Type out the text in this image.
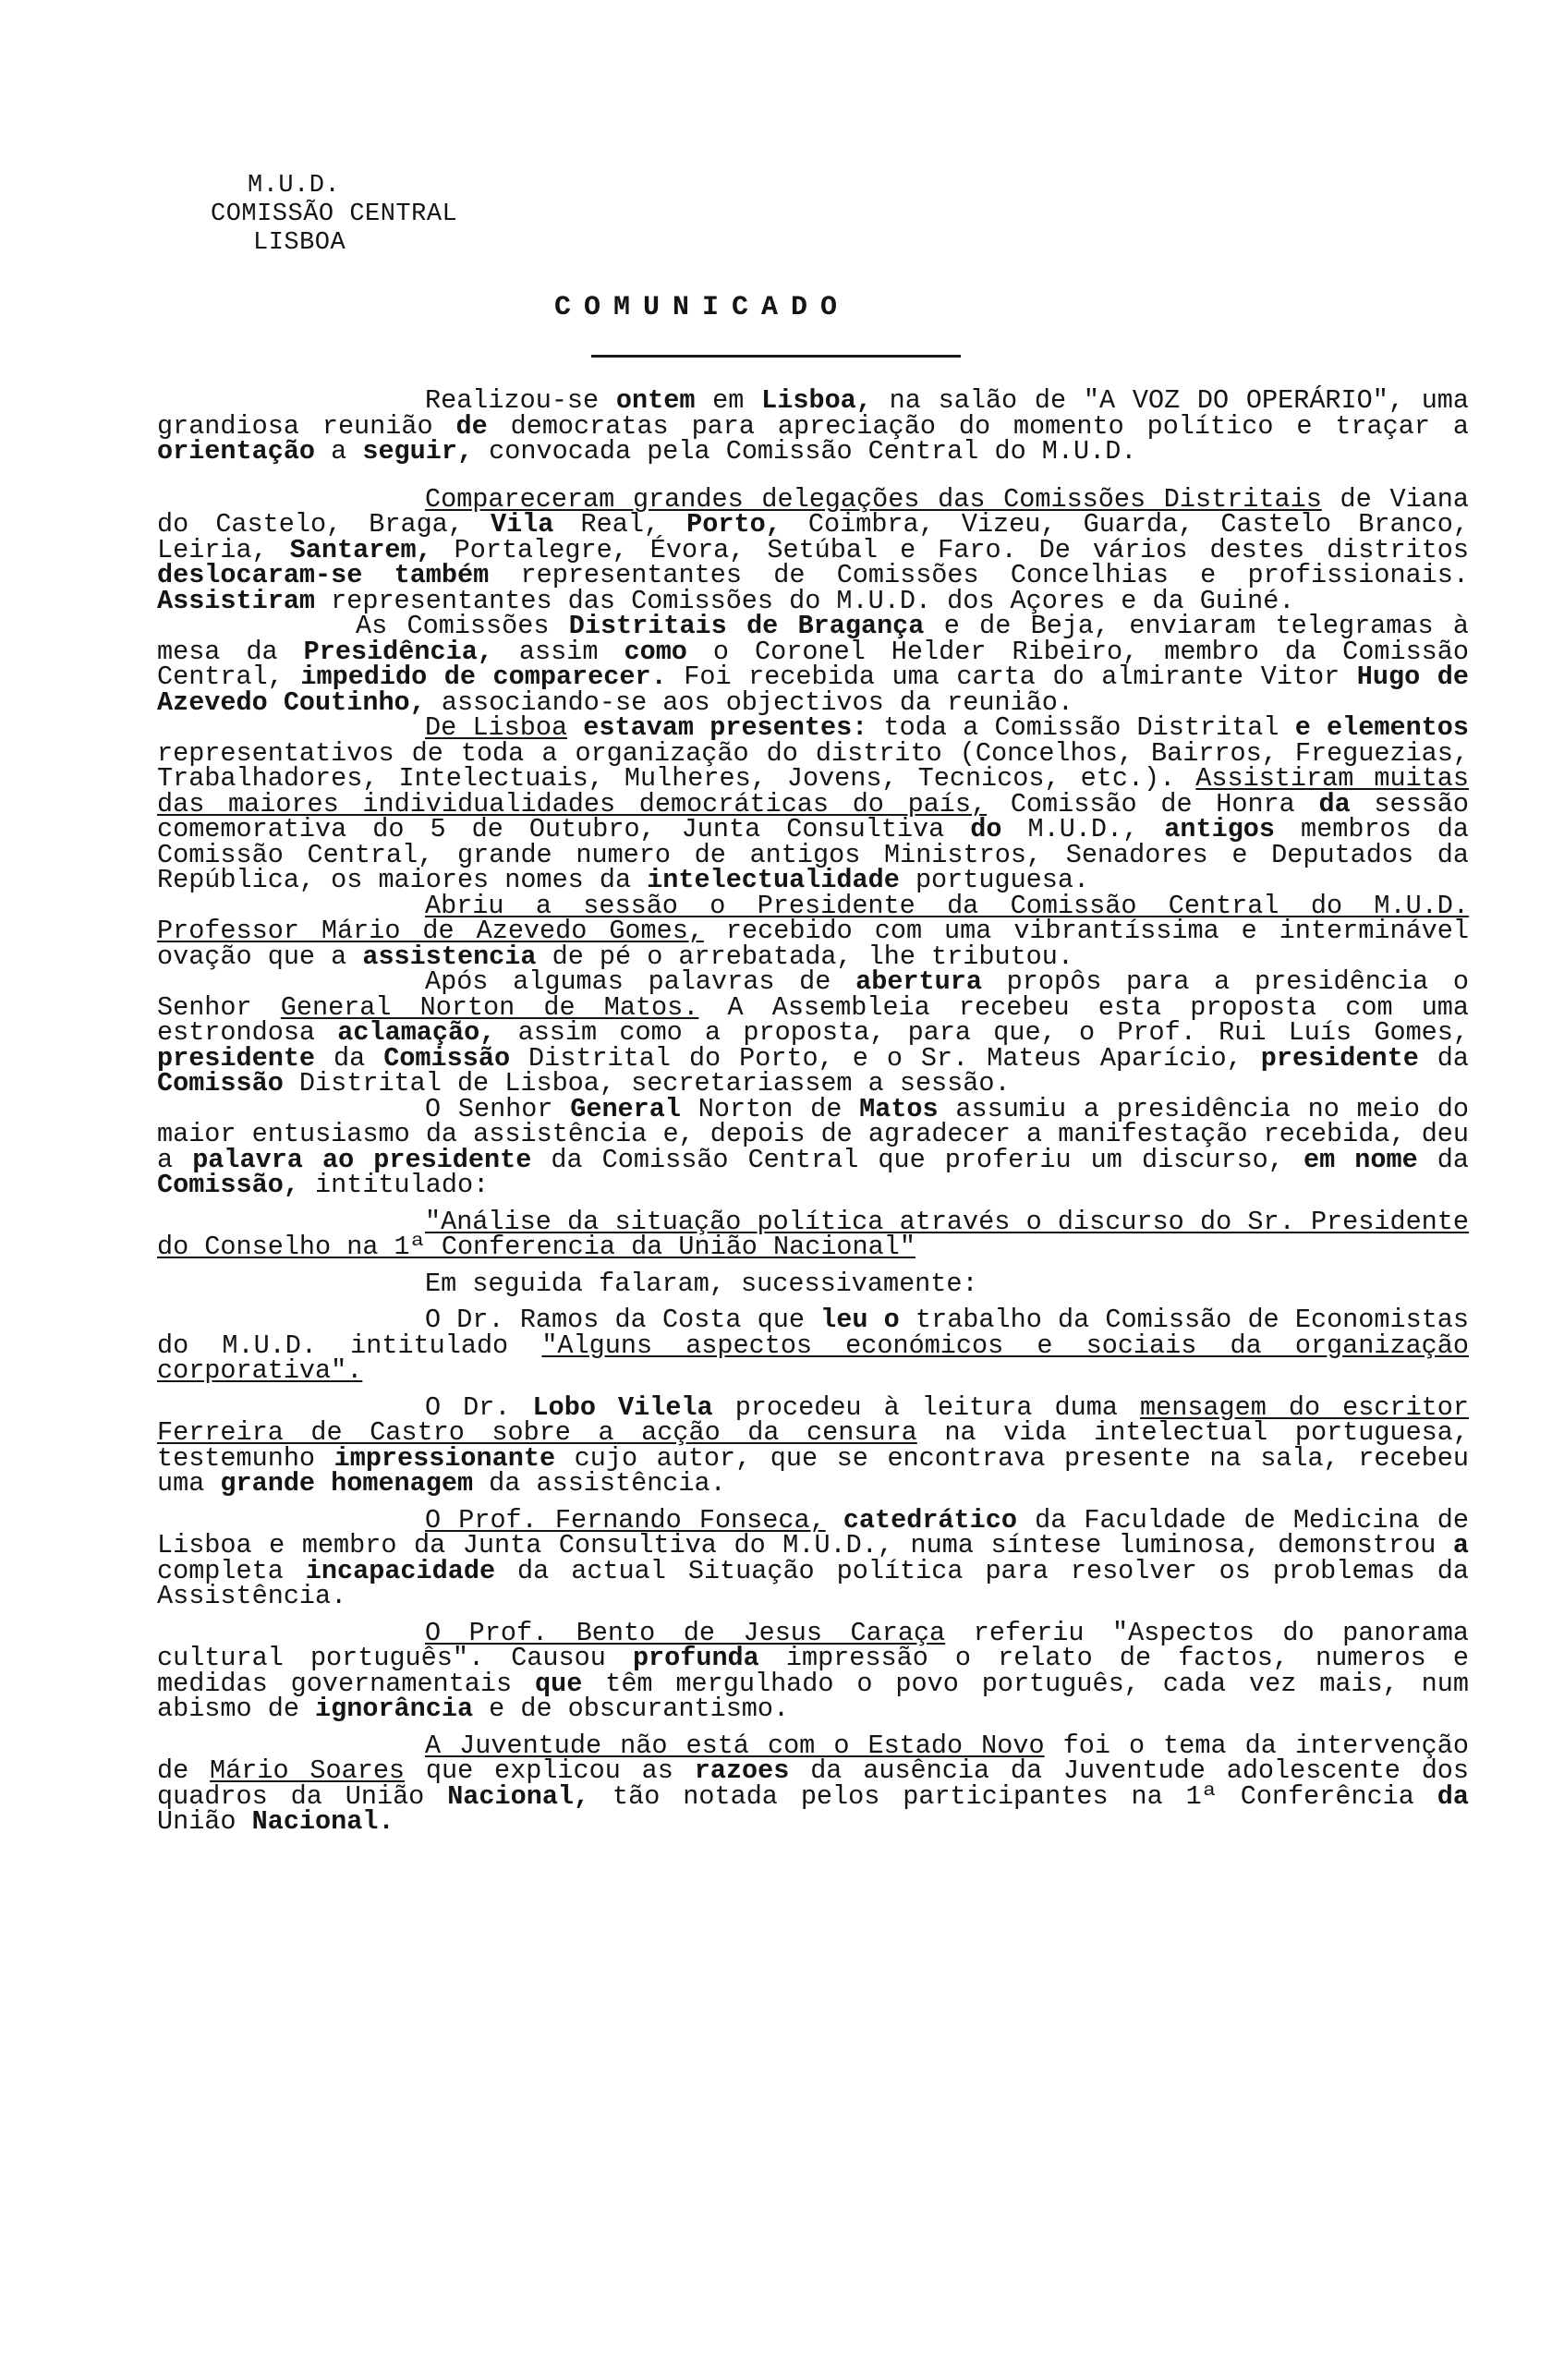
M.U.D.
COMISSÃO CENTRAL
LISBOA
COMUNICADO

Realizou-se ontem em Lisboa, na salão de "A VOZ DO OPERÁRIO", uma grandiosa reunião de democratas para apreciação do momento político e traçar a orientação a seguir, convocada pela Comissão Central do M.U.D.

Compareceram grandes delegações das Comissões Distritais de Viana do Castelo, Braga, Vila Real, Porto, Coimbra, Vizeu, Guarda, Castelo Branco, Leiria, Santarem, Portalegre, Évora, Setúbal e Faro. De vários destes distritos deslocaram-se também representantes de Comissões Concelhias e profissionais. Assistiram representantes das Comissões do M.U.D. dos Açores e da Guiné.

As Comissões Distritais de Bragança e de Beja, enviaram telegramas à mesa da Presidência, assim como o Coronel Helder Ribeiro, membro da Comissão Central, impedido de comparecer. Foi recebida uma carta do almirante Vitor Hugo de Azevedo Coutinho, associando-se aos objectivos da reunião.

De Lisboa estavam presentes: toda a Comissão Distrital e elementos representativos de toda a organização do distrito (Concelhos, Bairros, Freguezias, Trabalhadores, Intelectuais, Mulheres, Jovens, Tecnicos, etc.). Assistiram muitas das maiores individualidades democráticas do país, Comissão de Honra da sessão comemorativa do 5 de Outubro, Junta Consultiva do M.U.D., antigos membros da Comissão Central, grande numero de antigos Ministros, Senadores e Deputados da República, os maiores nomes da intelectualidade portuguesa.

Abriu a sessão o Presidente da Comissão Central do M.U.D. Professor Mário de Azevedo Gomes, recebido com uma vibrantíssima e interminável ovação que a assistencia de pé o arrebatada, lhe tributou.

Após algumas palavras de abertura propôs para a presidência o Senhor General Norton de Matos. A Assembleia recebeu esta proposta com uma estrondosa aclamação, assim como a proposta, para que, o Prof. Rui Luís Gomes, presidente da Comissão Distrital do Porto, e o Sr. Mateus Aparício, presidente da Comissão Distrital de Lisboa, secretariassem a sessão.

O Senhor General Norton de Matos assumiu a presidência no meio do maior entusiasmo da assistência e, depois de agradecer a manifestação recebida, deu a palavra ao presidente da Comissão Central que proferiu um discurso, em nome da Comissão, intitulado:

"Análise da situação política através o discurso do Sr. Presidente do Conselho na 1ª Conferencia da União Nacional"

Em seguida falaram, sucessivamente:

O Dr. Ramos da Costa que leu o trabalho da Comissão de Economistas do M.U.D. intitulado "Alguns aspectos económicos e sociais da organização corporativa".

O Dr. Lobo Vilela procedeu à leitura duma mensagem do escritor Ferreira de Castro sobre a acção da censura na vida intelectual portuguesa, testemunho impressionante cujo autor, que se encontrava presente na sala, recebeu uma grande homenagem da assistência.

O Prof. Fernando Fonseca, catedrático da Faculdade de Medicina de Lisboa e membro da Junta Consultiva do M.U.D., numa síntese luminosa, demonstrou a completa incapacidade da actual Situação política para resolver os problemas da Assistência.

O Prof. Bento de Jesus Caraça referiu "Aspectos do panorama cultural português". Causou profunda impressão o relato de factos, numeros e medidas governamentais que têm mergulhado o povo português, cada vez mais, num abismo de ignorância e de obscurantismo.

A Juventude não está com o Estado Novo foi o tema da intervenção de Mário Soares que explicou as razoes da ausência da Juventude adolescente dos quadros da União Nacional, tão notada pelos participantes na 1ª Conferência da União Nacional.
